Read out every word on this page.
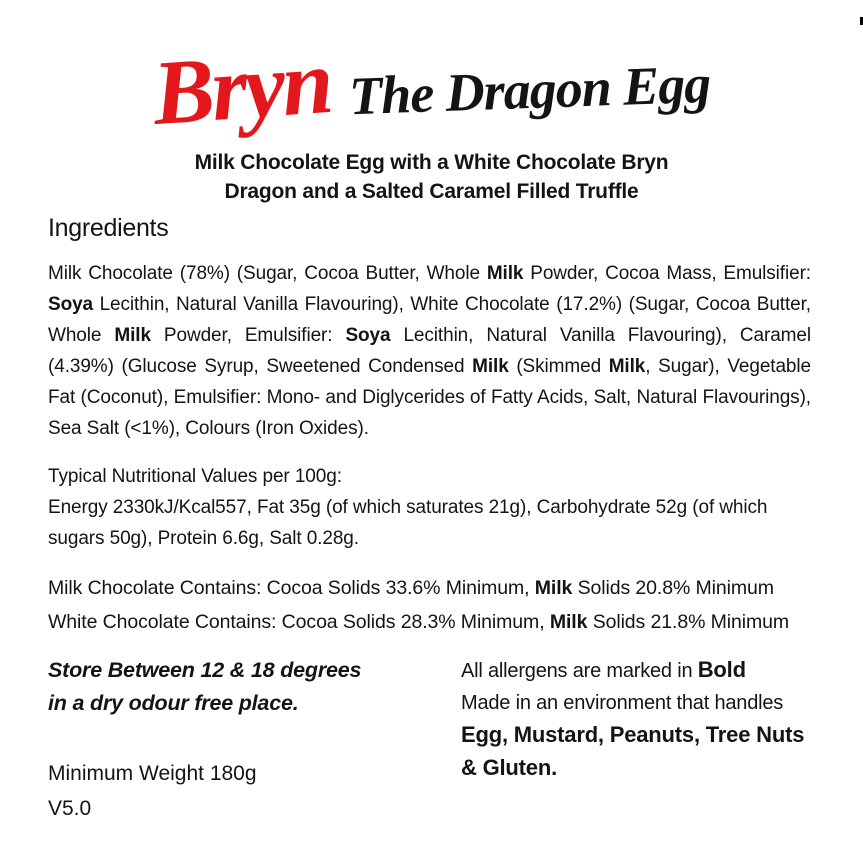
Bryn The Dragon Egg
Milk Chocolate Egg with a White Chocolate Bryn
Dragon and a Salted Caramel Filled Truffle
Ingredients

Milk Chocolate (78%) (Sugar, Cocoa Butter, Whole Milk Powder, Cocoa Mass, Emulsifier: Soya Lecithin, Natural Vanilla Flavouring), White Chocolate (17.2%) (Sugar, Cocoa Butter, Whole Milk Powder, Emulsifier: Soya Lecithin, Natural Vanilla Flavouring), Caramel (4.39%) (Glucose Syrup, Sweetened Condensed Milk (Skimmed Milk, Sugar), Vegetable Fat (Coconut), Emulsifier: Mono- and Diglycerides of Fatty Acids, Salt, Natural Flavourings), Sea Salt (<1%), Colours (Iron Oxides).

Typical Nutritional Values per 100g:

Energy 2330kJ/Kcal557, Fat 35g (of which saturates 21g), Carbohydrate 52g (of which sugars 50g), Protein 6.6g, Salt 0.28g.

Milk Chocolate Contains: Cocoa Solids 33.6% Minimum, Milk Solids 20.8% Minimum
White Chocolate Contains: Cocoa Solids 28.3% Minimum, Milk Solids 21.8% Minimum
Store Between 12 & 18 degrees
in a dry odour free place.
Minimum Weight 180g
V5.0
All allergens are marked in Bold
Made in an environment that handles Egg, Mustard, Peanuts, Tree Nuts & Gluten.
